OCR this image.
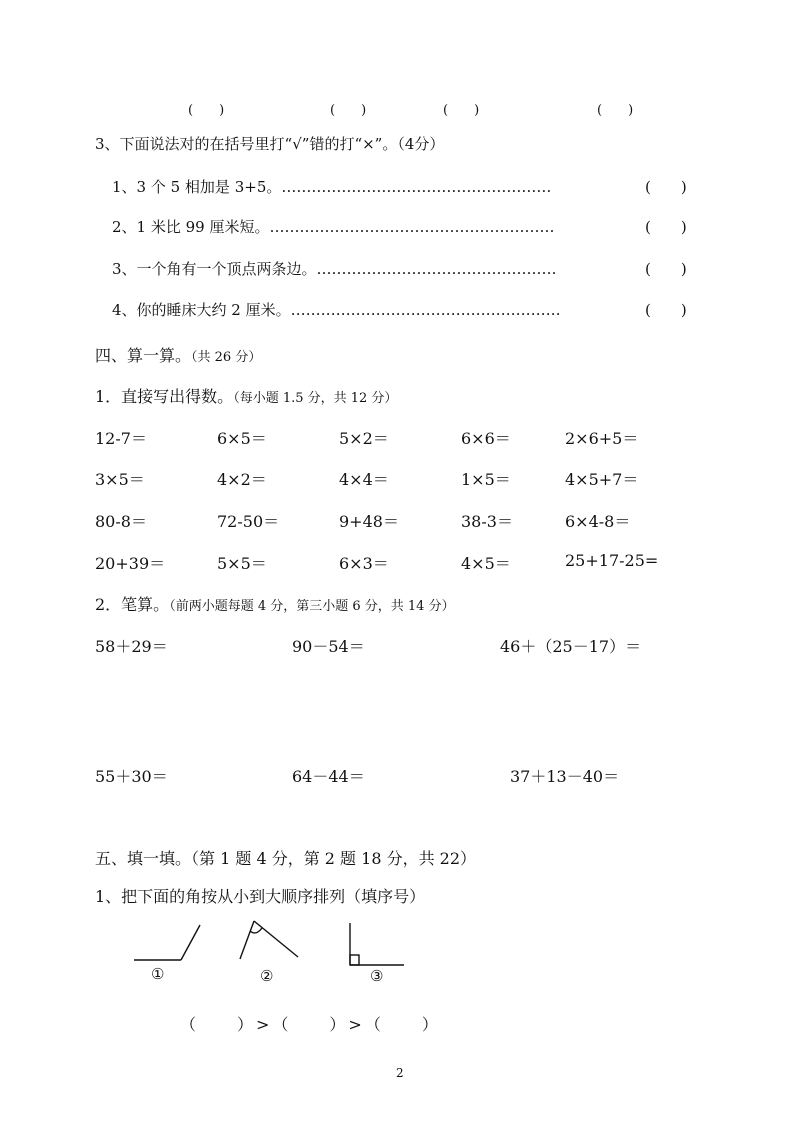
(　　)	(　　)	(　　)	(　　)
3、下面说法对的在括号里打“√”错的打“×”。（4分）
1、3 个 5 相加是 3+5。………………………………………………	(　　)
2、1 米比 99 厘米短。…………………………………………………	(　　)
3、一个角有一个顶点两条边。…………………………………………	(　　)
4、你的睡床大约 2 厘米。………………………………………………	(　　)
四、算一算。（共 26 分）
1．直接写出得数。（每小题 1.5 分，共 12 分）
12-7＝	6×5＝	5×2＝	6×6＝	2×6+5＝
3×5＝	4×2＝	4×4＝	1×5＝	4×5+7＝
80-8＝	72-50＝	9+48＝	38-3＝	6×4-8＝
20+39＝	5×5＝	6×3＝	4×5＝	25+17-25=
2．笔算。（前两小题每题 4 分，第三小题 6 分，共 14 分）
58＋29＝	90－54＝	46＋（25－17）＝
55＋30＝	64－44＝	37＋13－40＝
五、填一填。（第 1 题 4 分，第 2 题 18 分，共 22）
1、把下面的角按从小到大顺序排列（填序号）
①	②	③
（　　）>（　　）>（　　）
2
